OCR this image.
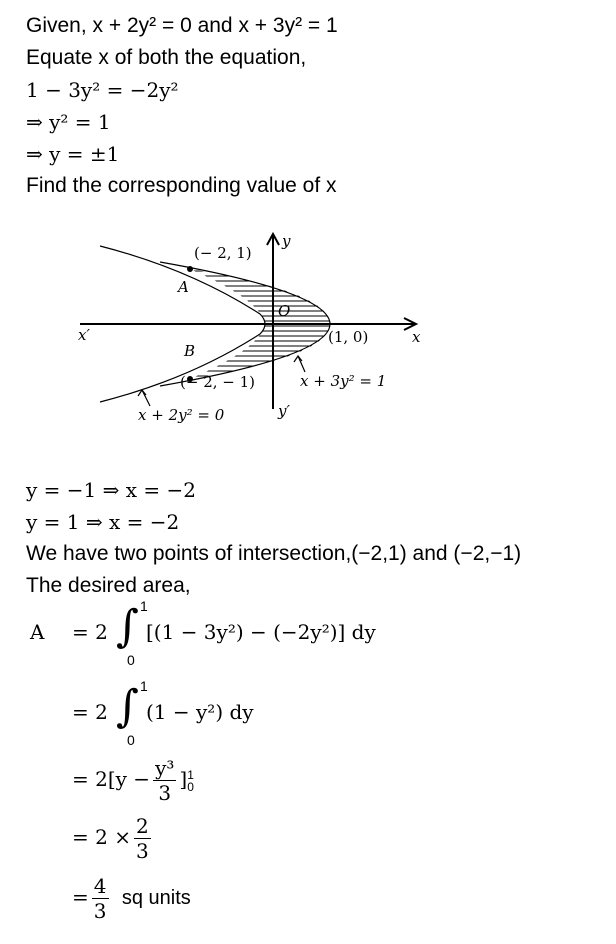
Given, x + 2y² = 0 and x + 3y² = 1
Equate x of both the equation,
1 − 3y² = −2y²
⇒ y² = 1
⇒ y = ±1
Find the corresponding value of x
(− 2, 1)
A
B
(− 2, − 1)
O
(1, 0)
x + 3y² = 1
x + 2y² = 0
x
x′
y
y′
y = −1 ⇒ x = −2
y = 1 ⇒ x = −2
We have two points of intersection,(−2,1) and (−2,−1)
The desired area,
A = 2 ∫ 1
0
[(1 − 3y²) − (−2y²)] dy
= 2 ∫ 1
0
(1 − y²) dy
= $2[y - \frac{\text{y³}}{3}$ ] 1
0
= $2 \times \frac{2}{3}$
= $\frac{4}{3}$ sq units
